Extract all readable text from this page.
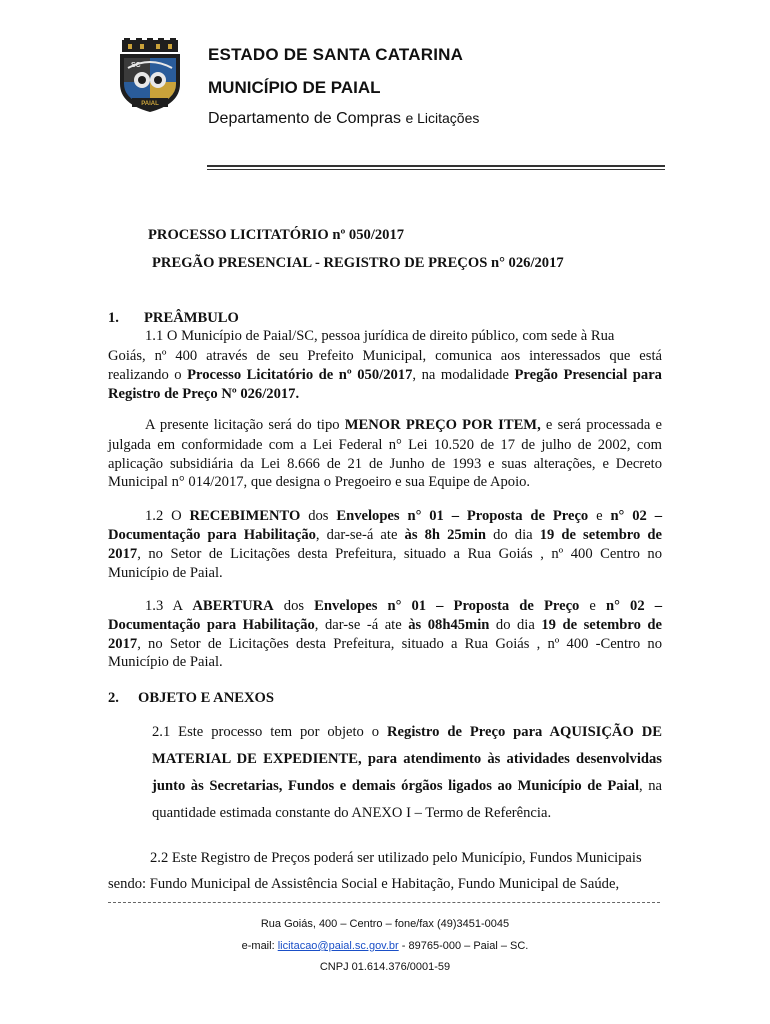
SC
PAIAL
ESTADO DE SANTA CATARINA
MUNICÍPIO DE PAIAL
Departamento de Compras e Licitações
PROCESSO LICITATÓRIO nº 050/2017
PREGÃO PRESENCIAL - REGISTRO DE PREÇOS n° 026/2017
1. PREÂMBULO
1.1 O Município de Paial/SC, pessoa jurídica de direito público, com sede à Rua
Goiás, nº 400 através de seu Prefeito Municipal, comunica aos interessados que está
realizando o Processo Licitatório de nº 050/2017, na modalidade Pregão Presencial para
Registro de Preço Nº 026/2017.
A presente licitação será do tipo MENOR PREÇO POR ITEM, e será processada e
julgada em conformidade com a Lei Federal n° Lei 10.520 de 17 de julho de 2002, com
aplicação subsidiária da Lei 8.666 de 21 de Junho de 1993 e suas alterações, e Decreto
Municipal n° 014/2017, que designa o Pregoeiro e sua Equipe de Apoio.
1.2 O RECEBIMENTO dos Envelopes n° 01 – Proposta de Preço e n° 02 –
Documentação para Habilitação, dar-se-á ate às 8h 25min do dia 19 de setembro de
2017, no Setor de Licitações desta Prefeitura, situado a Rua Goiás , nº 400 Centro no
Município de Paial.
1.3 A ABERTURA dos Envelopes n° 01 – Proposta de Preço e n° 02 –
Documentação para Habilitação, dar-se -á ate às 08h45min do dia 19 de setembro de
2017, no Setor de Licitações desta Prefeitura, situado a Rua Goiás , nº 400 -Centro no
Município de Paial.
2. OBJETO E ANEXOS
2.1 Este processo tem por objeto o Registro de Preço para AQUISIÇÃO DE
MATERIAL DE EXPEDIENTE, para atendimento às atividades desenvolvidas
junto às Secretarias, Fundos e demais órgãos ligados ao Município de Paial, na
quantidade estimada constante do ANEXO I – Termo de Referência.
2.2 Este Registro de Preços poderá ser utilizado pelo Município, Fundos Municipais
sendo: Fundo Municipal de Assistência Social e Habitação, Fundo Municipal de Saúde,
Rua Goiás, 400 – Centro – fone/fax (49)3451-0045
e-mail: licitacao@paial.sc.gov.br - 89765-000 – Paial – SC.
CNPJ 01.614.376/0001-59
